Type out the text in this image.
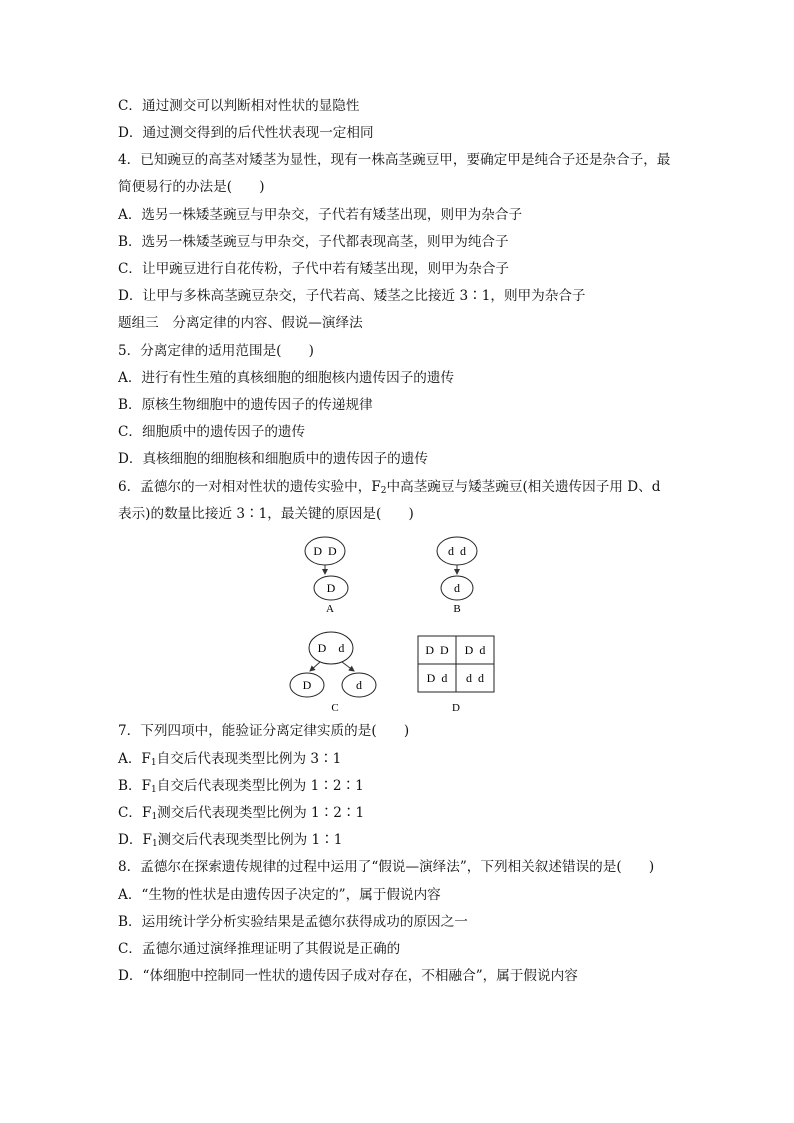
C．通过测交可以判断相对性状的显隐性
D．通过测交得到的后代性状表现一定相同
4．已知豌豆的高茎对矮茎为显性，现有一株高茎豌豆甲，要确定甲是纯合子还是杂合子，最
简便易行的办法是(　　)
A．选另一株矮茎豌豆与甲杂交，子代若有矮茎出现，则甲为杂合子
B．选另一株矮茎豌豆与甲杂交，子代都表现高茎，则甲为纯合子
C．让甲豌豆进行自花传粉，子代中若有矮茎出现，则甲为杂合子
D．让甲与多株高茎豌豆杂交，子代若高、矮茎之比接近 3∶1，则甲为杂合子
题组三　分离定律的内容、假说—演绎法
5．分离定律的适用范围是(　　)
A．进行有性生殖的真核细胞的细胞核内遗传因子的遗传
B．原核生物细胞中的遗传因子的传递规律
C．细胞质中的遗传因子的遗传
D．真核细胞的细胞核和细胞质中的遗传因子的遗传
6．孟德尔的一对相对性状的遗传实验中，$F_2$中高茎豌豆与矮茎豌豆(相关遗传因子用 D、d
表示)的数量比接近 3∶1，最关键的原因是(　　)
D  D
D
A
d  d
d
B
D    d
D	d
C
D  D D  d
D  d d  d
D
7．下列四项中，能验证分离定律实质的是(　　)
A．$F_1$自交后代表现类型比例为 3∶1
B．$F_1$自交后代表现类型比例为 1∶2∶1
C．$F_1$测交后代表现类型比例为 1∶2∶1
D．$F_1$测交后代表现类型比例为 1∶1
8．孟德尔在探索遗传规律的过程中运用了“假说—演绎法”，下列相关叙述错误的是(　　)
A．“生物的性状是由遗传因子决定的”，属于假说内容
B．运用统计学分析实验结果是孟德尔获得成功的原因之一
C．孟德尔通过演绎推理证明了其假说是正确的
D．“体细胞中控制同一性状的遗传因子成对存在，不相融合”，属于假说内容
